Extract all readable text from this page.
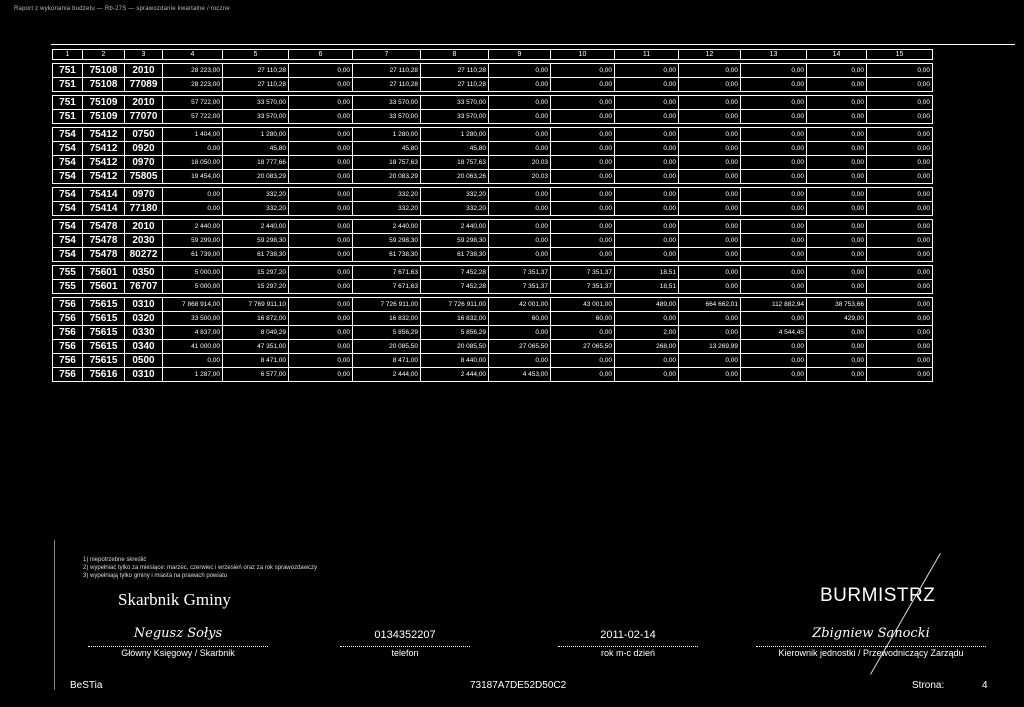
Raport z wykonania budżetu — Rb-27S — sprawozdanie kwartalne / roczne
1	2	3	4	5	6	7	8	9	10	11	12	13	14	15

751	75108	2010	28 223,00	27 110,28	0,00	27 110,28	27 110,28	0,00	0,00	0,00	0,00	0,00	0,00	0,00
751	75108	77089	28 223,00	27 110,28	0,00	27 110,28	27 110,28	0,00	0,00	0,00	0,00	0,00	0,00	0,00

751	75109	2010	57 722,00	33 570,00	0,00	33 570,00	33 570,00	0,00	0,00	0,00	0,00	0,00	0,00	0,00
751	75109	77070	57 722,00	33 570,00	0,00	33 570,00	33 570,00	0,00	0,00	0,00	0,00	0,00	0,00	0,00

754	75412	0750	1 404,00	1 280,00	0,00	1 280,00	1 280,00	0,00	0,00	0,00	0,00	0,00	0,00	0,00
754	75412	0920	0,00	45,80	0,00	45,80	45,80	0,00	0,00	0,00	0,00	0,00	0,00	0,00
754	75412	0970	18 050,00	18 777,66	0,00	18 757,63	18 757,63	20,03	0,00	0,00	0,00	0,00	0,00	0,00
754	75412	75805	19 454,00	20 083,29	0,00	20 083,29	20 063,26	20,03	0,00	0,00	0,00	0,00	0,00	0,00

754	75414	0970	0,00	332,20	0,00	332,20	332,20	0,00	0,00	0,00	0,00	0,00	0,00	0,00
754	75414	77180	0,00	332,20	0,00	332,20	332,20	0,00	0,00	0,00	0,00	0,00	0,00	0,00

754	75478	2010	2 440,00	2 440,00	0,00	2 440,00	2 440,00	0,00	0,00	0,00	0,00	0,00	0,00	0,00
754	75478	2030	59 299,00	59 298,30	0,00	59 298,30	59 298,30	0,00	0,00	0,00	0,00	0,00	0,00	0,00
754	75478	80272	61 739,00	61 738,30	0,00	61 738,30	61 738,30	0,00	0,00	0,00	0,00	0,00	0,00	0,00

755	75601	0350	5 000,00	15 297,20	0,00	7 671,63	7 452,28	7 351,37	7 351,37	18,51	0,00	0,00	0,00	0,00
755	75601	76707	5 000,00	15 297,20	0,00	7 671,63	7 452,28	7 351,37	7 351,37	18,51	0,00	0,00	0,00	0,00

756	75615	0310	7 868 914,00	7 769 911,10	0,00	7 726 911,00	7 726 911,00	42 001,00	43 001,00	489,00	664 662,01	112 882,94	38 753,66	0,00
756	75615	0320	33 500,00	16 872,00	0,00	16 832,00	16 832,00	60,00	60,00	0,00	0,00	0,00	429,00	0,00
756	75615	0330	4 837,00	8 049,29	0,00	5 856,29	5 856,29	0,00	0,00	2,00	0,00	4 544,45	0,00	0,00
756	75615	0340	41 000,00	47 351,00	0,00	20 085,50	20 085,50	27 065,50	27 065,50	268,00	13 269,99	0,00	0,00	0,00
756	75615	0500	0,00	8 471,00	0,00	8 471,00	8 440,00	0,00	0,00	0,00	0,00	0,00	0,00	0,00
756	75616	0310	1 287,00	6 577,00	0,00	2 444,00	2 444,00	4 453,00	0,00	0,00	0,00	0,00	0,00	0,00
1) niepotrzebne skreślić
2) wypełniać tylko za miesiące: marzec, czerwiec i wrzesień oraz za rok sprawozdawczy
3) wypełniają tylko gminy i miasta na prawach powiatu
Skarbnik Gminy
Negusz Sołys
Główny Księgowy / Skarbnik
0134352207
telefon
2011-02-14
rok m-c dzień
BURMISTRZ
Zbigniew Sanocki
Kierownik jednostki / Przewodniczący Zarządu
BeSTia	73187A7DE52D50C2	Strona:	4
